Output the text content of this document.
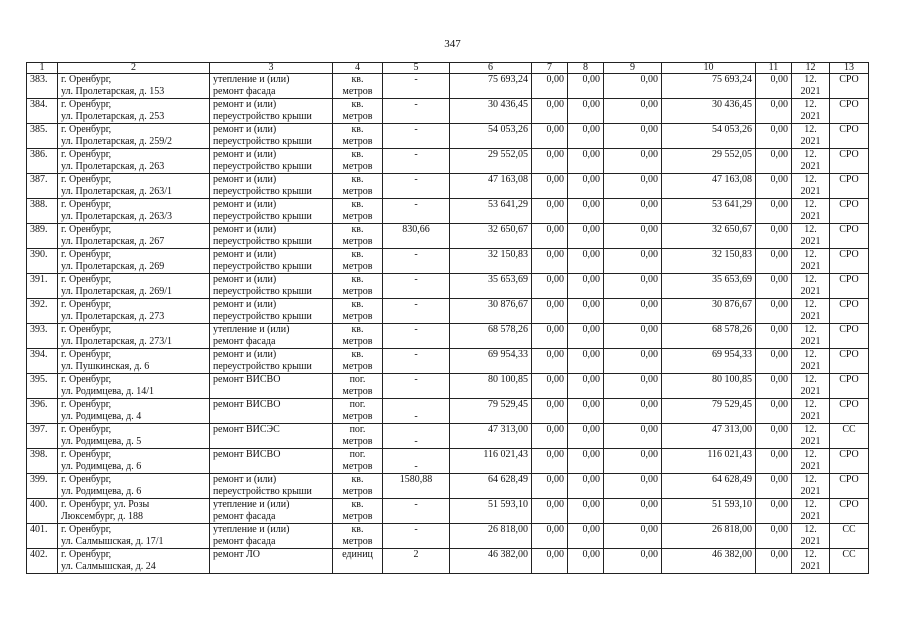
347
1	2	3	4	5	6	7	8	9	10	11	12	13

383.	г. Оренбург,
ул. Пролетарская, д. 153	утепление и (или)
ремонт фасада	кв.
метров	-	75 693,24	0,00	0,00	0,00	75 693,24	0,00	12.
2021	СРО

384.	г. Оренбург,
ул. Пролетарская, д. 253	ремонт и (или)
переустройство крыши	кв.
метров	-	30 436,45	0,00	0,00	0,00	30 436,45	0,00	12.
2021	СРО

385.	г. Оренбург,
ул. Пролетарская, д. 259/2	ремонт и (или)
переустройство крыши	кв.
метров	-	54 053,26	0,00	0,00	0,00	54 053,26	0,00	12.
2021	СРО

386.	г. Оренбург,
ул. Пролетарская, д. 263	ремонт и (или)
переустройство крыши	кв.
метров	-	29 552,05	0,00	0,00	0,00	29 552,05	0,00	12.
2021	СРО

387.	г. Оренбург,
ул. Пролетарская, д. 263/1	ремонт и (или)
переустройство крыши	кв.
метров	-	47 163,08	0,00	0,00	0,00	47 163,08	0,00	12.
2021	СРО

388.	г. Оренбург,
ул. Пролетарская, д. 263/3	ремонт и (или)
переустройство крыши	кв.
метров	-	53 641,29	0,00	0,00	0,00	53 641,29	0,00	12.
2021	СРО

389.	г. Оренбург,
ул. Пролетарская, д. 267	ремонт и (или)
переустройство крыши	кв.
метров	830,66	32 650,67	0,00	0,00	0,00	32 650,67	0,00	12.
2021	СРО

390.	г. Оренбург,
ул. Пролетарская, д. 269	ремонт и (или)
переустройство крыши	кв.
метров	-	32 150,83	0,00	0,00	0,00	32 150,83	0,00	12.
2021	СРО

391.	г. Оренбург,
ул. Пролетарская, д. 269/1	ремонт и (или)
переустройство крыши	кв.
метров	-	35 653,69	0,00	0,00	0,00	35 653,69	0,00	12.
2021	СРО

392.	г. Оренбург,
ул. Пролетарская, д. 273	ремонт и (или)
переустройство крыши	кв.
метров	-	30 876,67	0,00	0,00	0,00	30 876,67	0,00	12.
2021	СРО

393.	г. Оренбург,
ул. Пролетарская, д. 273/1	утепление и (или)
ремонт фасада	кв.
метров	-	68 578,26	0,00	0,00	0,00	68 578,26	0,00	12.
2021	СРО

394.	г. Оренбург,
ул. Пушкинская, д. 6	ремонт и (или)
переустройство крыши	кв.
метров	-	69 954,33	0,00	0,00	0,00	69 954,33	0,00	12.
2021	СРО

395.	г. Оренбург,
ул. Родимцева, д. 14/1	ремонт ВИСВО	пог.
метров	-	80 100,85	0,00	0,00	0,00	80 100,85	0,00	12.
2021	СРО

396.	г. Оренбург,
ул. Родимцева, д. 4	ремонт ВИСВО	пог.
метров	-	79 529,45	0,00	0,00	0,00	79 529,45	0,00	12.
2021	СРО

397.	г. Оренбург,
ул. Родимцева, д. 5	ремонт ВИСЭС	пог.
метров	-	47 313,00	0,00	0,00	0,00	47 313,00	0,00	12.
2021	СС

398.	г. Оренбург,
ул. Родимцева, д. 6	ремонт ВИСВО	пог.
метров	-	116 021,43	0,00	0,00	0,00	116 021,43	0,00	12.
2021	СРО

399.	г. Оренбург,
ул. Родимцева, д. 6	ремонт и (или)
переустройство крыши	кв.
метров	1580,88	64 628,49	0,00	0,00	0,00	64 628,49	0,00	12.
2021	СРО

400.	г. Оренбург, ул. Розы
Люксембург, д. 188	утепление и (или)
ремонт фасада	кв.
метров	-	51 593,10	0,00	0,00	0,00	51 593,10	0,00	12.
2021	СРО

401.	г. Оренбург,
ул. Салмышская, д. 17/1	утепление и (или)
ремонт фасада	кв.
метров	-	26 818,00	0,00	0,00	0,00	26 818,00	0,00	12.
2021	СС

402.	г. Оренбург,
ул. Салмышская, д. 24	ремонт ЛО	единиц	2	46 382,00	0,00	0,00	0,00	46 382,00	0,00	12.
2021	СС
